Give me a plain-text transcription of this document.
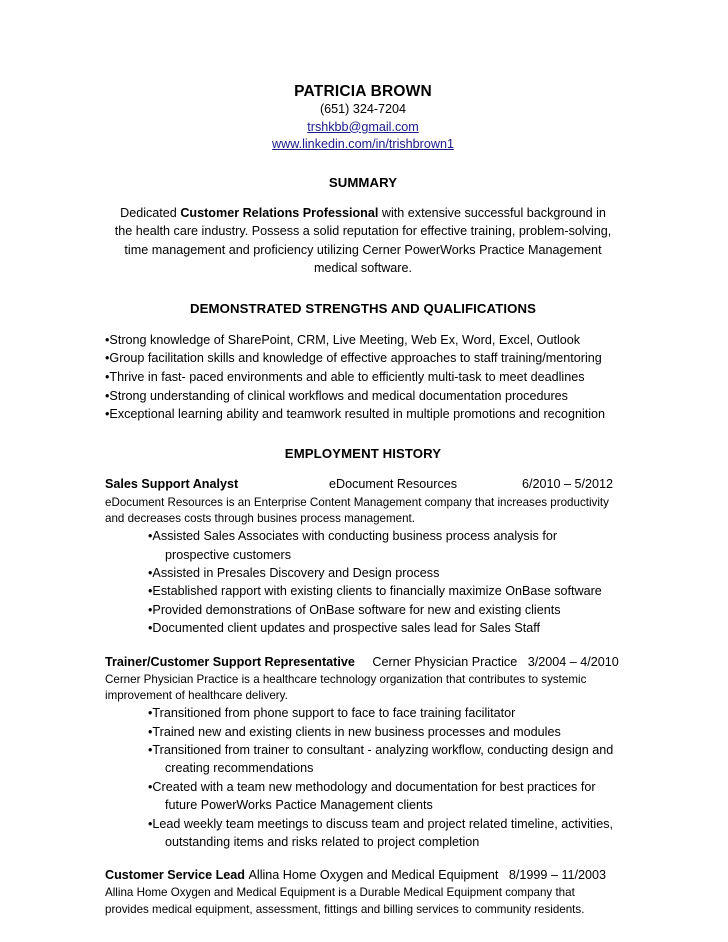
PATRICIA BROWN
(651) 324-7204
trshkbb@gmail.com
www.linkedin.com/in/trishbrown1
SUMMARY
Dedicated Customer Relations Professional with extensive successful background in the health care industry. Possess a solid reputation for effective training, problem-solving, time management and proficiency utilizing Cerner PowerWorks Practice Management medical software.
DEMONSTRATED STRENGTHS AND QUALIFICATIONS
•Strong knowledge of SharePoint, CRM, Live Meeting, Web Ex, Word, Excel, Outlook
•Group facilitation skills and knowledge of effective approaches to staff training/mentoring
•Thrive in fast- paced environments and able to efficiently multi-task to meet deadlines
•Strong understanding of clinical workflows and medical documentation procedures
•Exceptional learning ability and teamwork resulted in multiple promotions and recognition
EMPLOYMENT HISTORY
Sales Support Analyst	eDocument Resources	6/2010 – 5/2012
eDocument Resources is an Enterprise Content Management company that increases productivity and decreases costs through busines process management.
•Assisted Sales Associates with conducting business process analysis for prospective customers
•Assisted in Presales Discovery and Design process
•Established rapport with existing clients to financially maximize OnBase software
•Provided demonstrations of OnBase software for new and existing clients
•Documented client updates and prospective sales lead for Sales Staff
Trainer/Customer Support Representative Cerner Physician Practice 3/2004 – 4/2010
Cerner Physician Practice is a healthcare technology organization that contributes to systemic improvement of healthcare delivery.
•Transitioned from phone support to face to face training facilitator
•Trained new and existing clients in new business processes and modules
•Transitioned from trainer to consultant - analyzing workflow, conducting design and creating recommendations
•Created with a team new methodology and documentation for best practices for future PowerWorks Pactice Management clients
•Lead weekly team meetings to discuss team and project related timeline, activities, outstanding items and risks related to project completion
Customer Service Lead Allina Home Oxygen and Medical Equipment 8/1999 – 11/2003
Allina Home Oxygen and Medical Equipment is a Durable Medical Equipment company that provides medical equipment, assessment, fittings and billing services to community residents.
